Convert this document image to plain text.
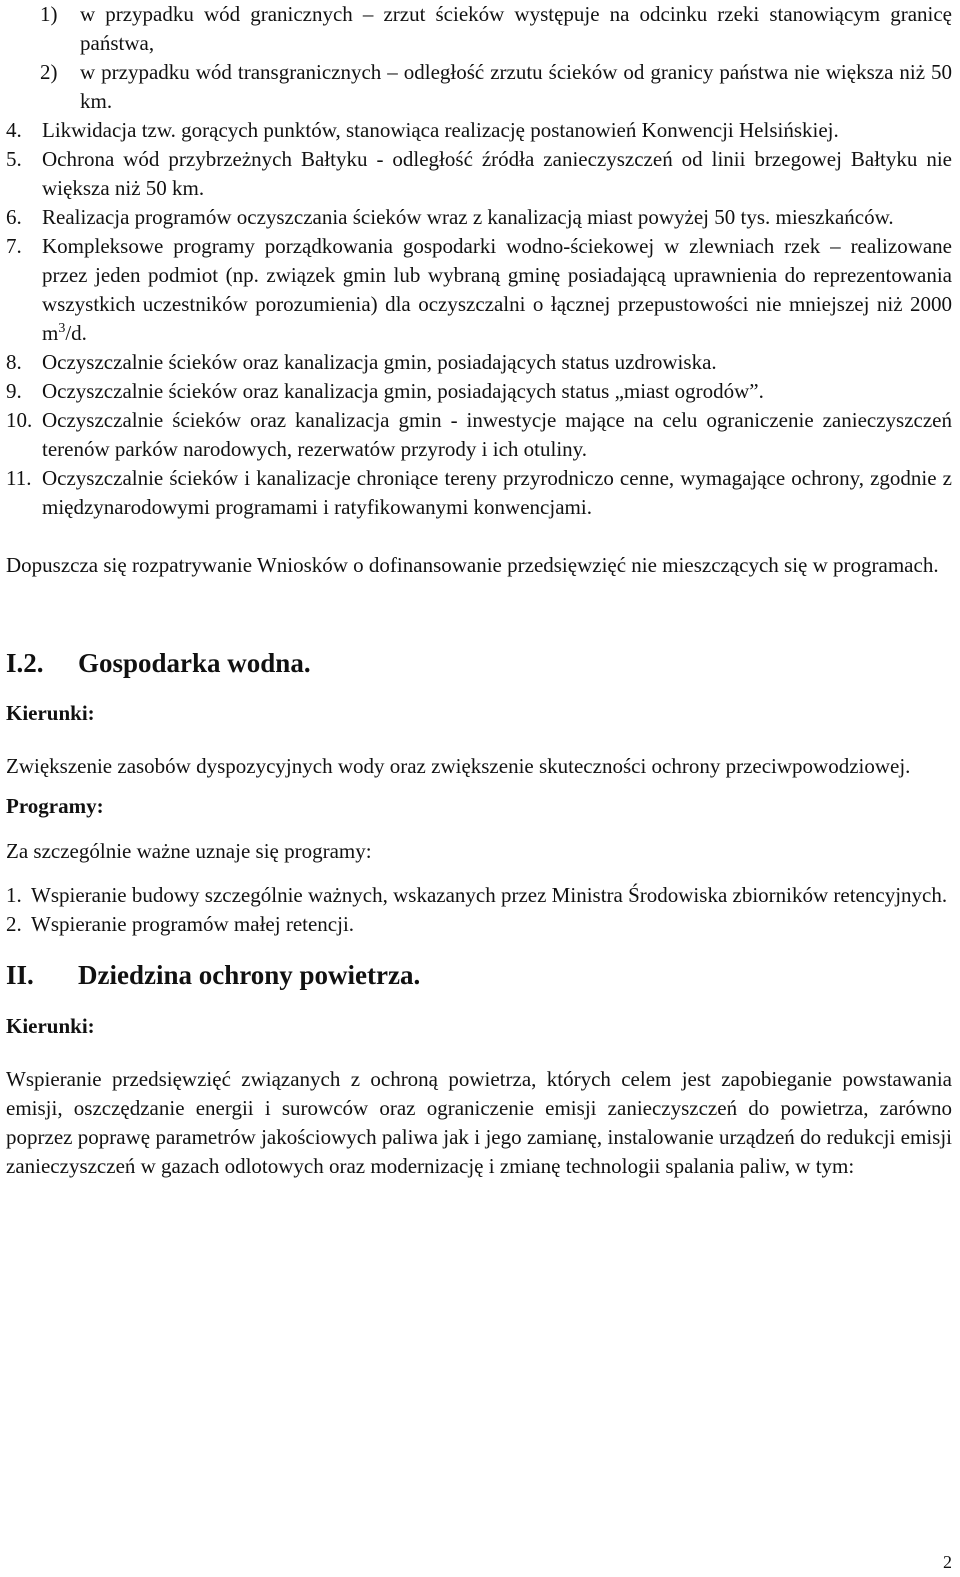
1) w przypadku wód granicznych – zrzut ścieków występuje na odcinku rzeki stanowiącym granicę państwa,
2) w przypadku wód transgranicznych – odległość zrzutu ścieków od granicy państwa nie większa niż 50 km.
4. Likwidacja tzw. gorących punktów, stanowiąca realizację postanowień Konwencji Helsińskiej.
5. Ochrona wód przybrzeżnych Bałtyku - odległość źródła zanieczyszczeń od linii brzegowej Bałtyku nie większa niż 50 km.
6. Realizacja programów oczyszczania ścieków wraz z kanalizacją miast powyżej 50 tys. mieszkańców.
7. Kompleksowe programy porządkowania gospodarki wodno-ściekowej w zlewniach rzek – realizowane przez jeden podmiot (np. związek gmin lub wybraną gminę posiadającą uprawnienia do reprezentowania wszystkich uczestników porozumienia) dla oczyszczalni o łącznej przepustowości nie mniejszej niż 2000 $m^3/d$.
8. Oczyszczalnie ścieków oraz kanalizacja gmin, posiadających status uzdrowiska.
9. Oczyszczalnie ścieków oraz kanalizacja gmin, posiadających status „miast ogrodów”.
10. Oczyszczalnie ścieków oraz kanalizacja gmin - inwestycje mające na celu ograniczenie zanieczyszczeń terenów parków narodowych, rezerwatów przyrody i ich otuliny.
11. Oczyszczalnie ścieków i kanalizacje chroniące tereny przyrodniczo cenne, wymagające ochrony, zgodnie z międzynarodowymi programami i ratyfikowanymi konwencjami.

Dopuszcza się rozpatrywanie Wniosków o dofinansowanie przedsięwzięć nie mieszczących się w programach.

I.2. Gospodarka wodna.
Kierunki:

Zwiększenie zasobów dyspozycyjnych wody oraz zwiększenie skuteczności ochrony przeciwpowodziowej.

Programy:

Za szczególnie ważne uznaje się programy:

1. Wspieranie budowy szczególnie ważnych, wskazanych przez Ministra Środowiska zbiorników retencyjnych.
2. Wspieranie programów małej retencji.
II. Dziedzina ochrony powietrza.
Kierunki:

Wspieranie przedsięwzięć związanych z ochroną powietrza, których celem jest zapobieganie powstawania emisji, oszczędzanie energii i surowców oraz ograniczenie emisji zanieczyszczeń do powietrza, zarówno poprzez poprawę parametrów jakościowych paliwa jak i jego zamianę, instalowanie urządzeń do redukcji emisji zanieczyszczeń w gazach odlotowych oraz modernizację i zmianę technologii spalania paliw, w tym:

2
